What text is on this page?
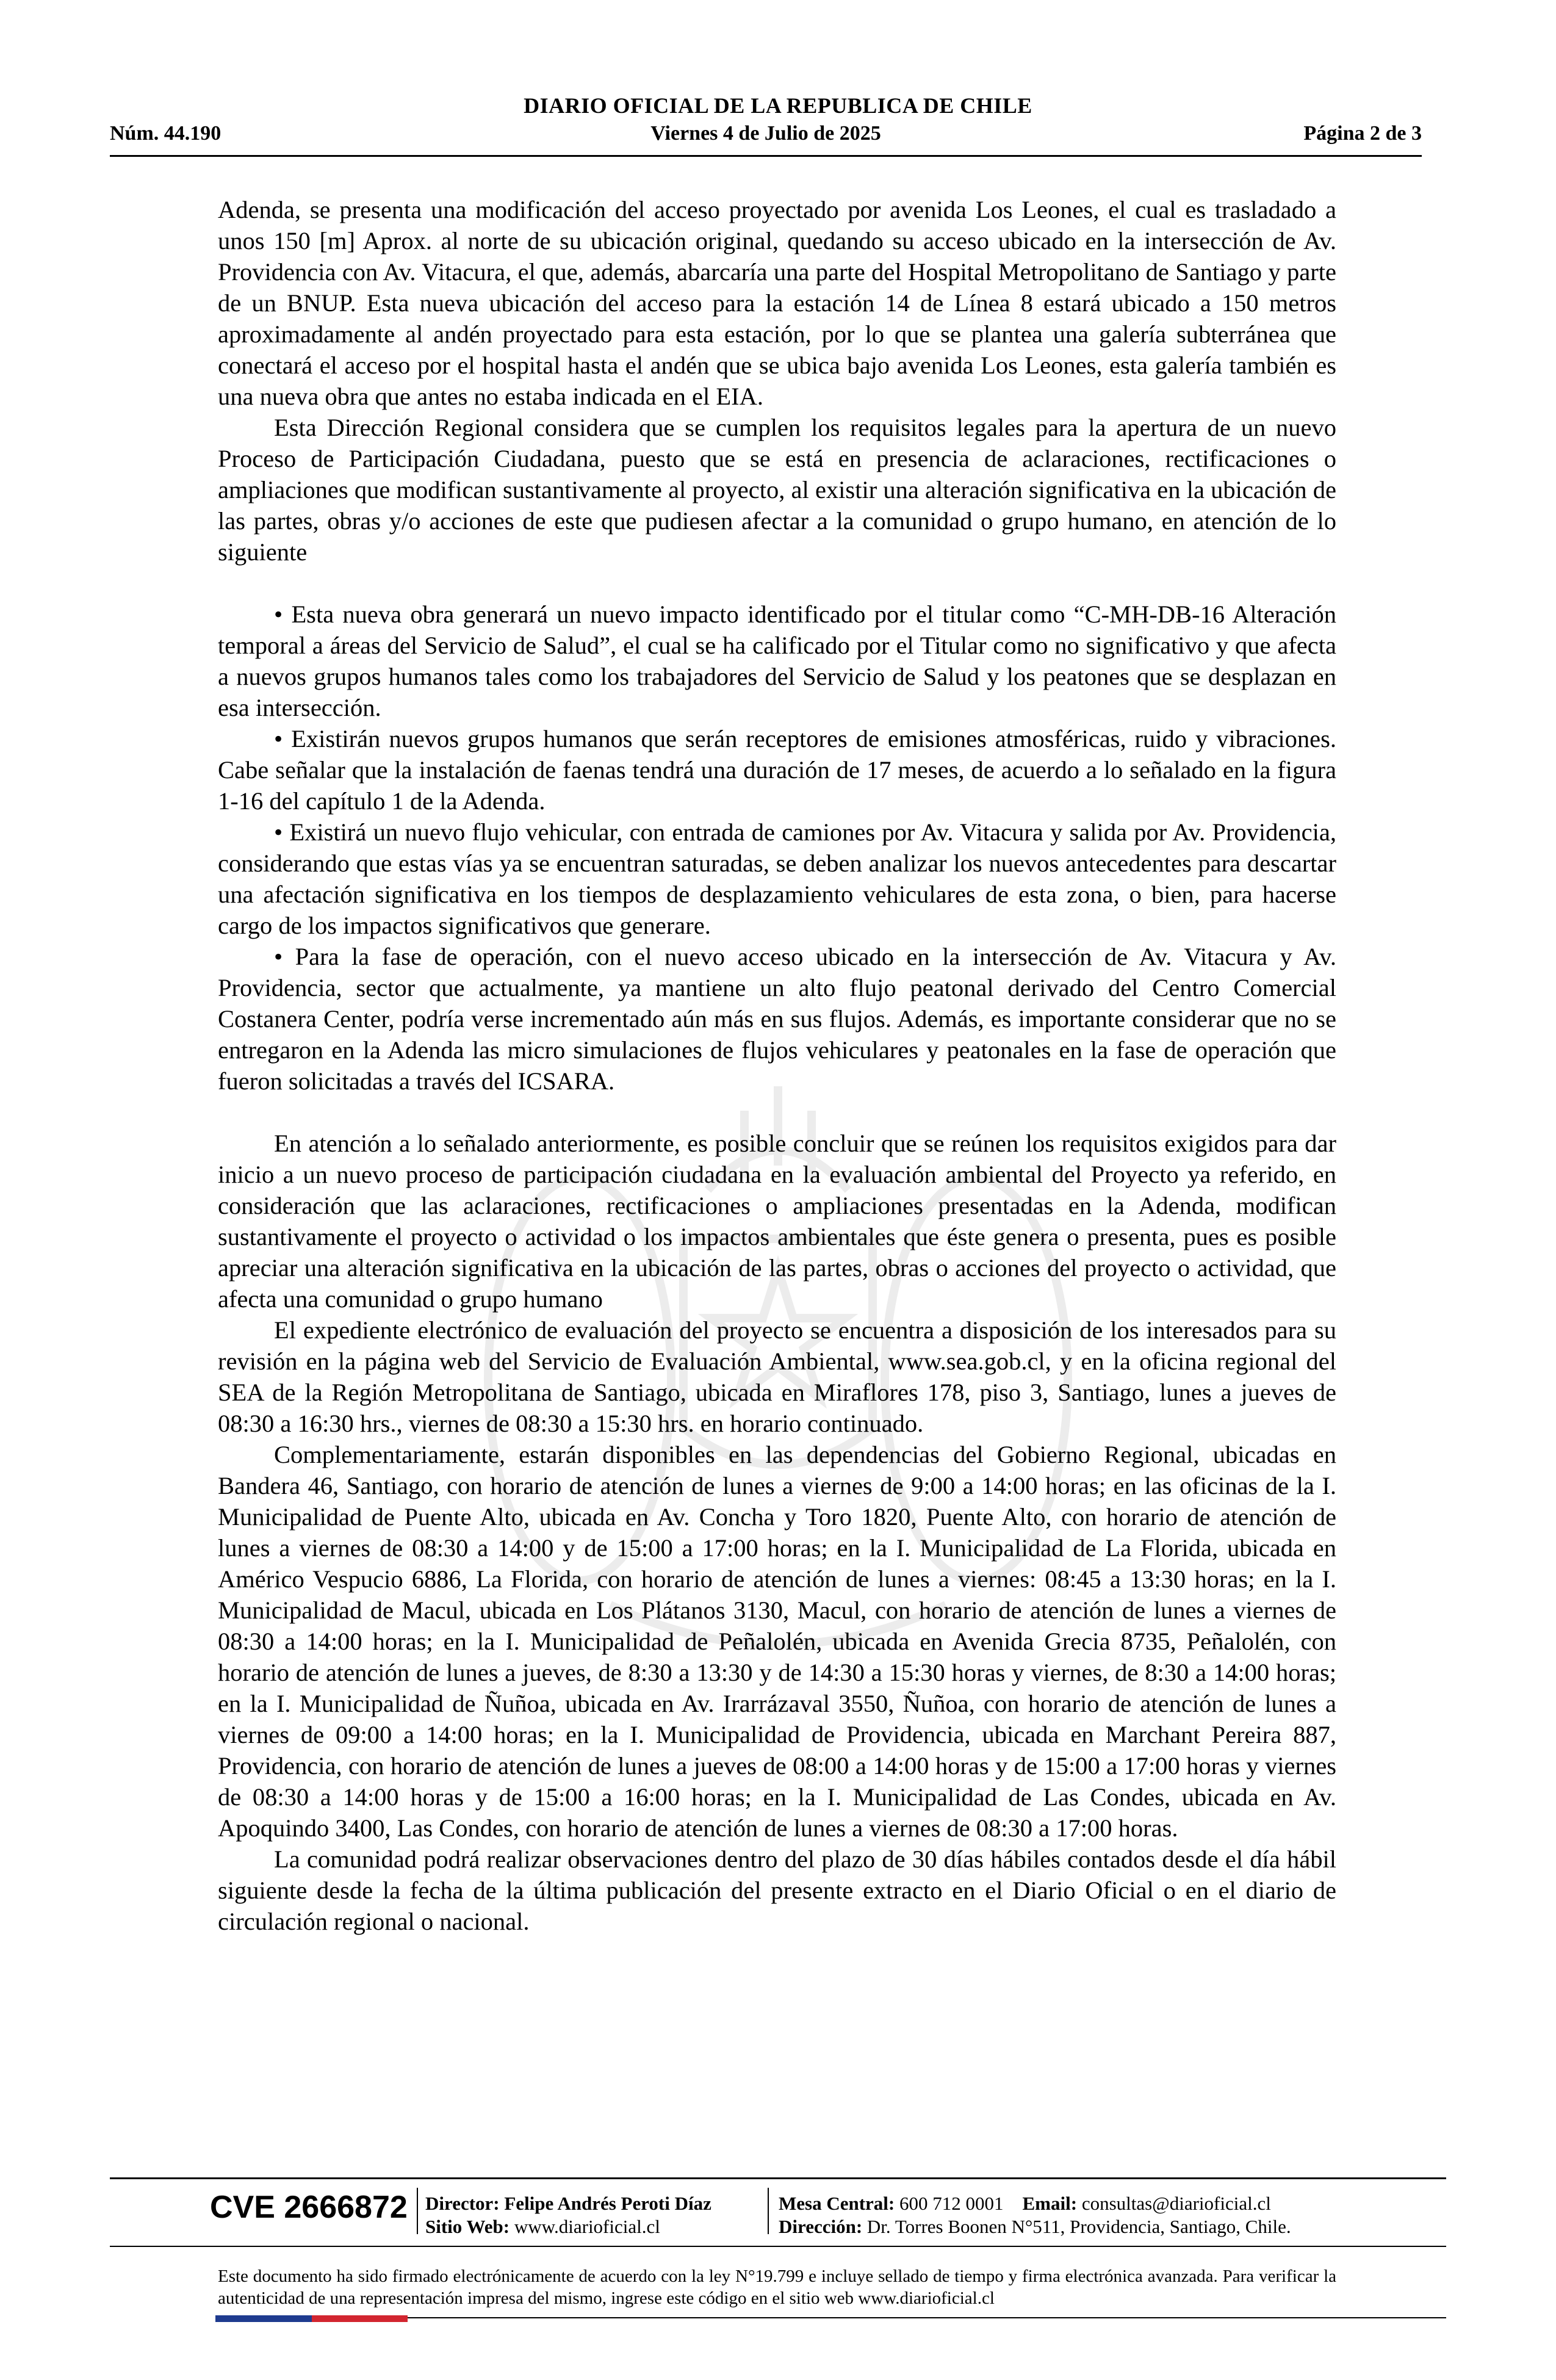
DIARIO OFICIAL DE LA REPUBLICA DE CHILE
Núm. 44.190	Viernes 4 de Julio de 2025	Página 2 de 3

Adenda, se presenta una modificación del acceso proyectado por avenida Los Leones, el cual es trasladado a unos 150 [m] Aprox. al norte de su ubicación original, quedando su acceso ubicado en la intersección de Av. Providencia con Av. Vitacura, el que, además, abarcaría una parte del Hospital Metropolitano de Santiago y parte de un BNUP. Esta nueva ubicación del acceso para la estación 14 de Línea 8 estará ubicado a 150 metros aproximadamente al andén proyectado para esta estación, por lo que se plantea una galería subterránea que conectará el acceso por el hospital hasta el andén que se ubica bajo avenida Los Leones, esta galería también es una nueva obra que antes no estaba indicada en el EIA.

Esta Dirección Regional considera que se cumplen los requisitos legales para la apertura de un nuevo Proceso de Participación Ciudadana, puesto que se está en presencia de aclaraciones, rectificaciones o ampliaciones que modifican sustantivamente al proyecto, al existir una alteración significativa en la ubicación de las partes, obras y/o acciones de este que pudiesen afectar a la comunidad o grupo humano, en atención de lo siguiente

• Esta nueva obra generará un nuevo impacto identificado por el titular como “C-MH-DB-16 Alteración temporal a áreas del Servicio de Salud”, el cual se ha calificado por el Titular como no significativo y que afecta a nuevos grupos humanos tales como los trabajadores del Servicio de Salud y los peatones que se desplazan en esa intersección.

• Existirán nuevos grupos humanos que serán receptores de emisiones atmosféricas, ruido y vibraciones. Cabe señalar que la instalación de faenas tendrá una duración de 17 meses, de acuerdo a lo señalado en la figura 1-16 del capítulo 1 de la Adenda.

• Existirá un nuevo flujo vehicular, con entrada de camiones por Av. Vitacura y salida por Av. Providencia, considerando que estas vías ya se encuentran saturadas, se deben analizar los nuevos antecedentes para descartar una afectación significativa en los tiempos de desplazamiento vehiculares de esta zona, o bien, para hacerse cargo de los impactos significativos que generare.

• Para la fase de operación, con el nuevo acceso ubicado en la intersección de Av. Vitacura y Av. Providencia, sector que actualmente, ya mantiene un alto flujo peatonal derivado del Centro Comercial Costanera Center, podría verse incrementado aún más en sus flujos. Además, es importante considerar que no se entregaron en la Adenda las micro simulaciones de flujos vehiculares y peatonales en la fase de operación que fueron solicitadas a través del ICSARA.

En atención a lo señalado anteriormente, es posible concluir que se reúnen los requisitos exigidos para dar inicio a un nuevo proceso de participación ciudadana en la evaluación ambiental del Proyecto ya referido, en consideración que las aclaraciones, rectificaciones o ampliaciones presentadas en la Adenda, modifican sustantivamente el proyecto o actividad o los impactos ambientales que éste genera o presenta, pues es posible apreciar una alteración significativa en la ubicación de las partes, obras o acciones del proyecto o actividad, que afecta una comunidad o grupo humano

El expediente electrónico de evaluación del proyecto se encuentra a disposición de los interesados para su revisión en la página web del Servicio de Evaluación Ambiental, www.sea.gob.cl, y en la oficina regional del SEA de la Región Metropolitana de Santiago, ubicada en Miraflores 178, piso 3, Santiago, lunes a jueves de 08:30 a 16:30 hrs., viernes de 08:30 a 15:30 hrs. en horario continuado.

Complementariamente, estarán disponibles en las dependencias del Gobierno Regional, ubicadas en Bandera 46, Santiago, con horario de atención de lunes a viernes de 9:00 a 14:00 horas; en las oficinas de la I. Municipalidad de Puente Alto, ubicada en Av. Concha y Toro 1820, Puente Alto, con horario de atención de lunes a viernes de 08:30 a 14:00 y de 15:00 a 17:00 horas; en la I. Municipalidad de La Florida, ubicada en Américo Vespucio 6886, La Florida, con horario de atención de lunes a viernes: 08:45 a 13:30 horas; en la I. Municipalidad de Macul, ubicada en Los Plátanos 3130, Macul, con horario de atención de lunes a viernes de 08:30 a 14:00 horas; en la I. Municipalidad de Peñalolén, ubicada en Avenida Grecia 8735, Peñalolén, con horario de atención de lunes a jueves, de 8:30 a 13:30 y de 14:30 a 15:30 horas y viernes, de 8:30 a 14:00 horas; en la I. Municipalidad de Ñuñoa, ubicada en Av. Irarrázaval 3550, Ñuñoa, con horario de atención de lunes a viernes de 09:00 a 14:00 horas; en la I. Municipalidad de Providencia, ubicada en Marchant Pereira 887, Providencia, con horario de atención de lunes a jueves de 08:00 a 14:00 horas y de 15:00 a 17:00 horas y viernes de 08:30 a 14:00 horas y de 15:00 a 16:00 horas; en la I. Municipalidad de Las Condes, ubicada en Av. Apoquindo 3400, Las Condes, con horario de atención de lunes a viernes de 08:30 a 17:00 horas.

La comunidad podrá realizar observaciones dentro del plazo de 30 días hábiles contados desde el día hábil siguiente desde la fecha de la última publicación del presente extracto en el Diario Oficial o en el diario de circulación regional o nacional.

CVE 2666872 Director: Felipe Andrés Peroti Díaz
Sitio Web: www.diarioficial.cl
Mesa Central: 600 712 0001 Email: consultas@diarioficial.cl
Dirección: Dr. Torres Boonen N°511, Providencia, Santiago, Chile.
Este documento ha sido firmado electrónicamente de acuerdo con la ley N°19.799 e incluye sellado de tiempo y firma electrónica avanzada. Para verificar la autenticidad de una representación impresa del mismo, ingrese este código en el sitio web www.diarioficial.cl
